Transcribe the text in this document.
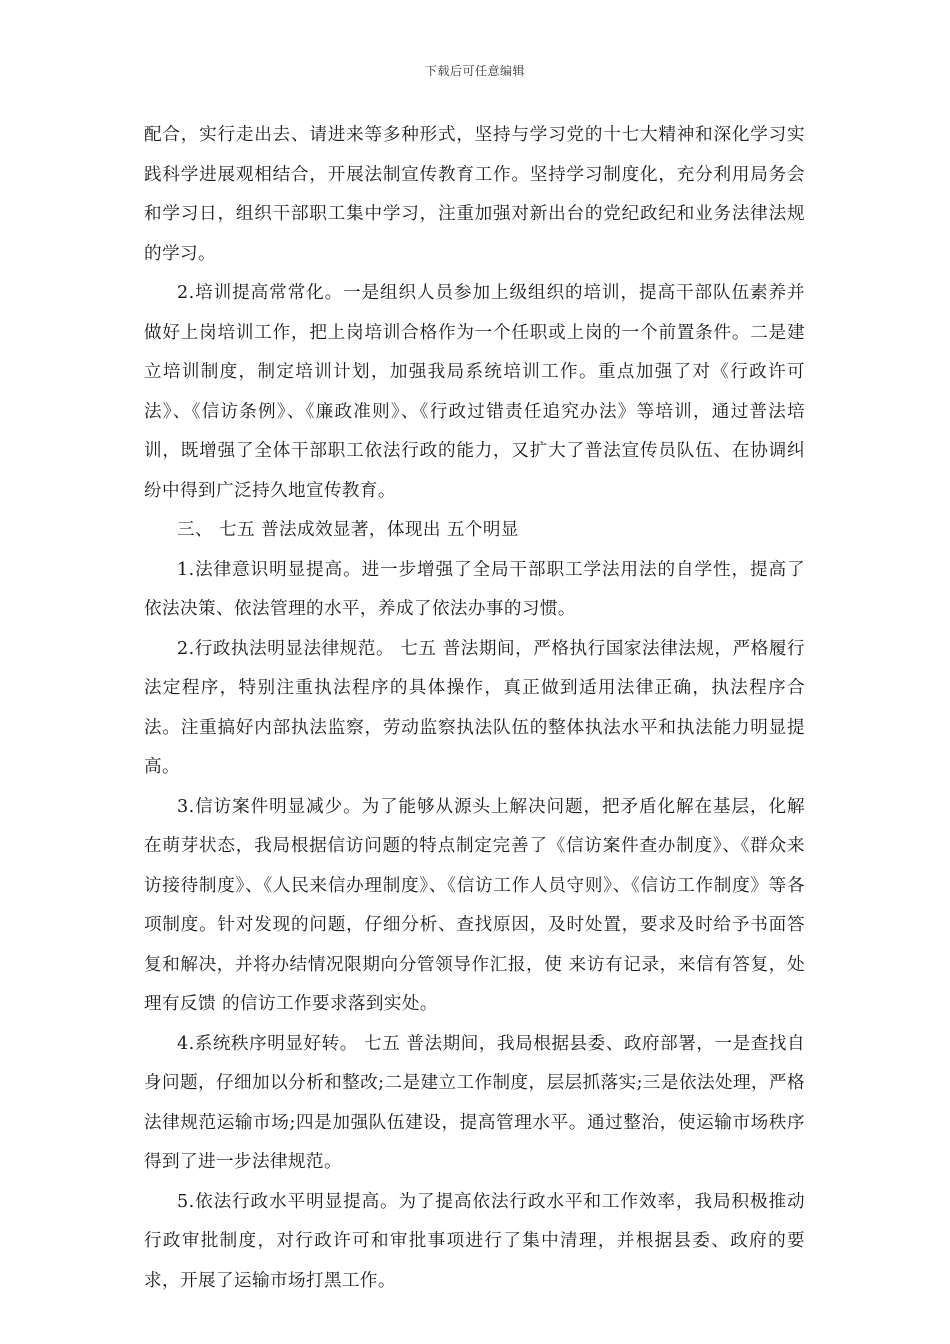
下载后可任意编辑

配合，实行走出去、请进来等多种形式，坚持与学习党的十七大精神和深化学习实践科学进展观相结合，开展法制宣传教育工作。坚持学习制度化，充分利用局务会和学习日，组织干部职工集中学习，注重加强对新出台的党纪政纪和业务法律法规的学习。

2.培训提高常常化。一是组织人员参加上级组织的培训，提高干部队伍素养并做好上岗培训工作，把上岗培训合格作为一个任职或上岗的一个前置条件。二是建立培训制度，制定培训计划，加强我局系统培训工作。重点加强了对《行政许可法》、《信访条例》、《廉政准则》、《行政过错责任追究办法》等培训，通过普法培训，既增强了全体干部职工依法行政的能力，又扩大了普法宣传员队伍、在协调纠纷中得到广泛持久地宣传教育。

三、 七五 普法成效显著，体现出 五个明显

1.法律意识明显提高。进一步增强了全局干部职工学法用法的自学性，提高了依法决策、依法管理的水平，养成了依法办事的习惯。

2.行政执法明显法律规范。 七五 普法期间，严格执行国家法律法规，严格履行法定程序，特别注重执法程序的具体操作，真正做到适用法律正确，执法程序合法。注重搞好内部执法监察，劳动监察执法队伍的整体执法水平和执法能力明显提高。

3.信访案件明显减少。为了能够从源头上解决问题，把矛盾化解在基层，化解在萌芽状态，我局根据信访问题的特点制定完善了《信访案件查办制度》、《群众来访接待制度》、《人民来信办理制度》、《信访工作人员守则》、《信访工作制度》等各项制度。针对发现的问题，仔细分析、查找原因，及时处置，要求及时给予书面答复和解决，并将办结情况限期向分管领导作汇报，使 来访有记录，来信有答复，处理有反馈 的信访工作要求落到实处。

4.系统秩序明显好转。 七五 普法期间，我局根据县委、政府部署，一是查找自身问题，仔细加以分析和整改;二是建立工作制度，层层抓落实;三是依法处理，严格法律规范运输市场;四是加强队伍建设，提高管理水平。通过整治，使运输市场秩序得到了进一步法律规范。

5.依法行政水平明显提高。为了提高依法行政水平和工作效率，我局积极推动行政审批制度，对行政许可和审批事项进行了集中清理，并根据县委、政府的要求，开展了运输市场打黑工作。
